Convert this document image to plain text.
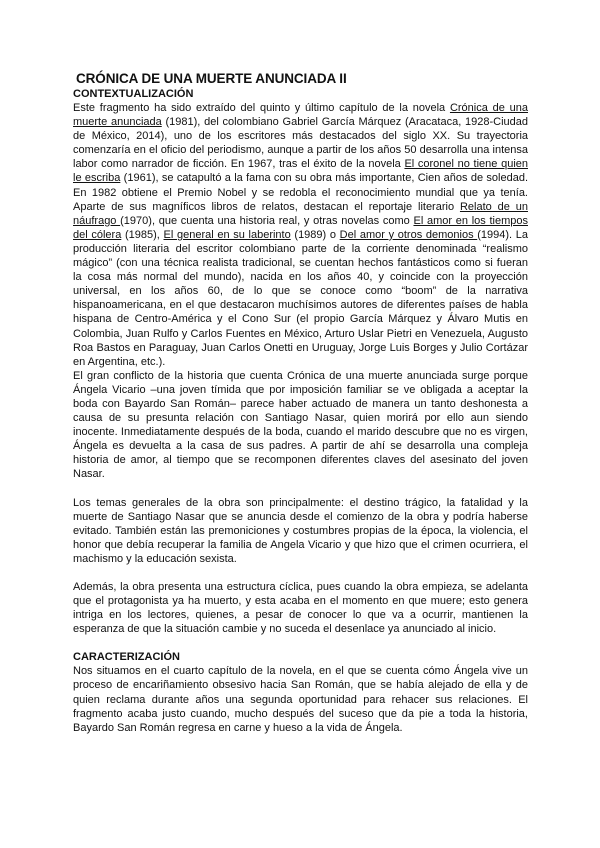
CRÓNICA DE UNA MUERTE ANUNCIADA II
CONTEXTUALIZACIÓN

Este fragmento ha sido extraído del quinto y último capítulo de la novela Crónica de una muerte anunciada (1981), del colombiano Gabriel García Márquez (Aracataca, 1928-Ciudad de México, 2014), uno de los escritores más destacados del siglo XX. Su trayectoria comenzaría en el oficio del periodismo, aunque a partir de los años 50 desarrolla una intensa labor como narrador de ficción. En 1967, tras el éxito de la novela El coronel no tiene quien le escriba (1961), se catapultó a la fama con su obra más importante, Cien años de soledad. En 1982 obtiene el Premio Nobel y se redobla el reconocimiento mundial que ya tenía. Aparte de sus magníficos libros de relatos, destacan el reportaje literario Relato de un náufrago (1970), que cuenta una historia real, y otras novelas como El amor en los tiempos del cólera (1985), El general en su laberinto (1989) o Del amor y otros demonios (1994). La producción literaria del escritor colombiano parte de la corriente denominada “realismo mágico” (con una técnica realista tradicional, se cuentan hechos fantásticos como si fueran la cosa más normal del mundo), nacida en los años 40, y coincide con la proyección universal, en los años 60, de lo que se conoce como “boom” de la narrativa hispanoamericana, en el que destacaron muchísimos autores de diferentes países de habla hispana de Centro-América y el Cono Sur (el propio García Márquez y Álvaro Mutis en Colombia, Juan Rulfo y Carlos Fuentes en México, Arturo Uslar Pietri en Venezuela, Augusto Roa Bastos en Paraguay, Juan Carlos Onetti en Uruguay, Jorge Luis Borges y Julio Cortázar en Argentina, etc.).

El gran conflicto de la historia que cuenta Crónica de una muerte anunciada surge porque Ángela Vicario –una joven tímida que por imposición familiar se ve obligada a aceptar la boda con Bayardo San Román– parece haber actuado de manera un tanto deshonesta a causa de su presunta relación con Santiago Nasar, quien morirá por ello aun siendo inocente. Inmediatamente después de la boda, cuando el marido descubre que no es virgen, Ángela es devuelta a la casa de sus padres. A partir de ahí se desarrolla una compleja historia de amor, al tiempo que se recomponen diferentes claves del asesinato del joven Nasar.

Los temas generales de la obra son principalmente: el destino trágico, la fatalidad y la muerte de Santiago Nasar que se anuncia desde el comienzo de la obra y podría haberse evitado. También están las premoniciones y costumbres propias de la época, la violencia, el honor que debía recuperar la familia de Angela Vicario y que hizo que el crimen ocurriera, el machismo y la educación sexista.

Además, la obra presenta una estructura cíclica, pues cuando la obra empieza, se adelanta que el protagonista ya ha muerto, y esta acaba en el momento en que muere; esto genera intriga en los lectores, quienes, a pesar de conocer lo que va a ocurrir, mantienen la esperanza de que la situación cambie y no suceda el desenlace ya anunciado al inicio.

CARACTERIZACIÓN

Nos situamos en el cuarto capítulo de la novela, en el que se cuenta cómo Ángela vive un proceso de encariñamiento obsesivo hacia San Román, que se había alejado de ella y de quien reclama durante años una segunda oportunidad para rehacer sus relaciones. El fragmento acaba justo cuando, mucho después del suceso que da pie a toda la historia, Bayardo San Román regresa en carne y hueso a la vida de Ángela.
